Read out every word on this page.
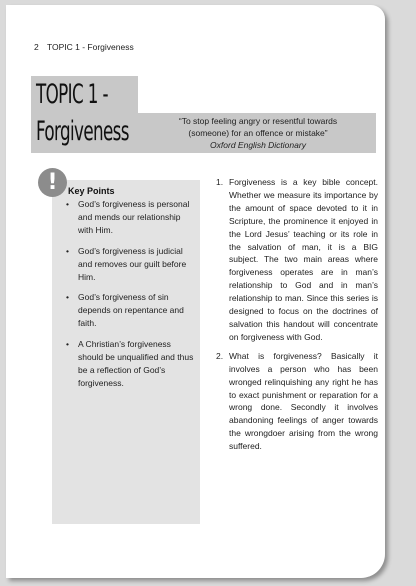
2 TOPIC 1 - Forgiveness
TOPIC 1 -
Forgiveness	“To stop feeling angry or resentful towards (someone) for an offence or mistake”
Oxford English Dictionary
!	Key Points
• God’s forgiveness is personal and mends our relationship with Him.
• God’s forgiveness is judicial and removes our guilt before Him.
• God’s forgiveness of sin depends on repentance and faith.
• A Christian’s forgiveness should be unqualified and thus be a reflection of God’s forgiveness.
1. Forgiveness is a key bible concept. Whether we measure its importance by the amount of space devoted to it in Scripture, the prominence it enjoyed in the Lord Jesus’ teaching or its role in the salvation of man, it is a BIG subject. The two main areas where forgiveness operates are in man’s relationship to God and in man’s relationship to man. Since this series is designed to focus on the doctrines of salvation this handout will concentrate on forgiveness with God.
2. What is forgiveness? Basically it involves a person who has been wronged relinquishing any right he has to exact punishment or reparation for a wrong done. Secondly it involves abandoning feelings of anger towards the wrongdoer arising from the wrong suffered.
